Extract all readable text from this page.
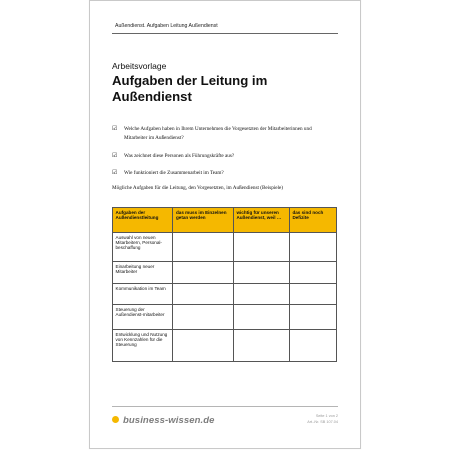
Außendienst. Aufgaben Leitung Außendienst
Arbeitsvorlage
Aufgaben der Leitung im Außendienst
☑ Welche Aufgaben haben in Ihrem Unternehmen die Vorgesetzten der Mitarbeiterinnen und Mitarbeiter im Außendienst?
☑ Was zeichnet diese Personen als Führungskräfte aus?
☑ Wie funktioniert die Zusammenarbeit im Team?
Mögliche Aufgaben für die Leitung, den Vorgesetzten, im Außendienst (Beispiele)
Aufgaben der Außendienstleitung	das muss im Einzelnen getan werden	wichtig für unseren Außendienst, weil …	das sind noch Defizite
Auswahl von neuen Mitarbeitern, Personal-beschaffung			
Einarbeitung neuer Mitarbeiter			
Kommunikation im Team			
Steuerung der Außendienst-mitarbeiter			
Entwicklung und Nutzung von Kennzahlen für die Steuerung			
business-wissen.de	Seite 1 von 2
Art.-Nr. SB 107.04
